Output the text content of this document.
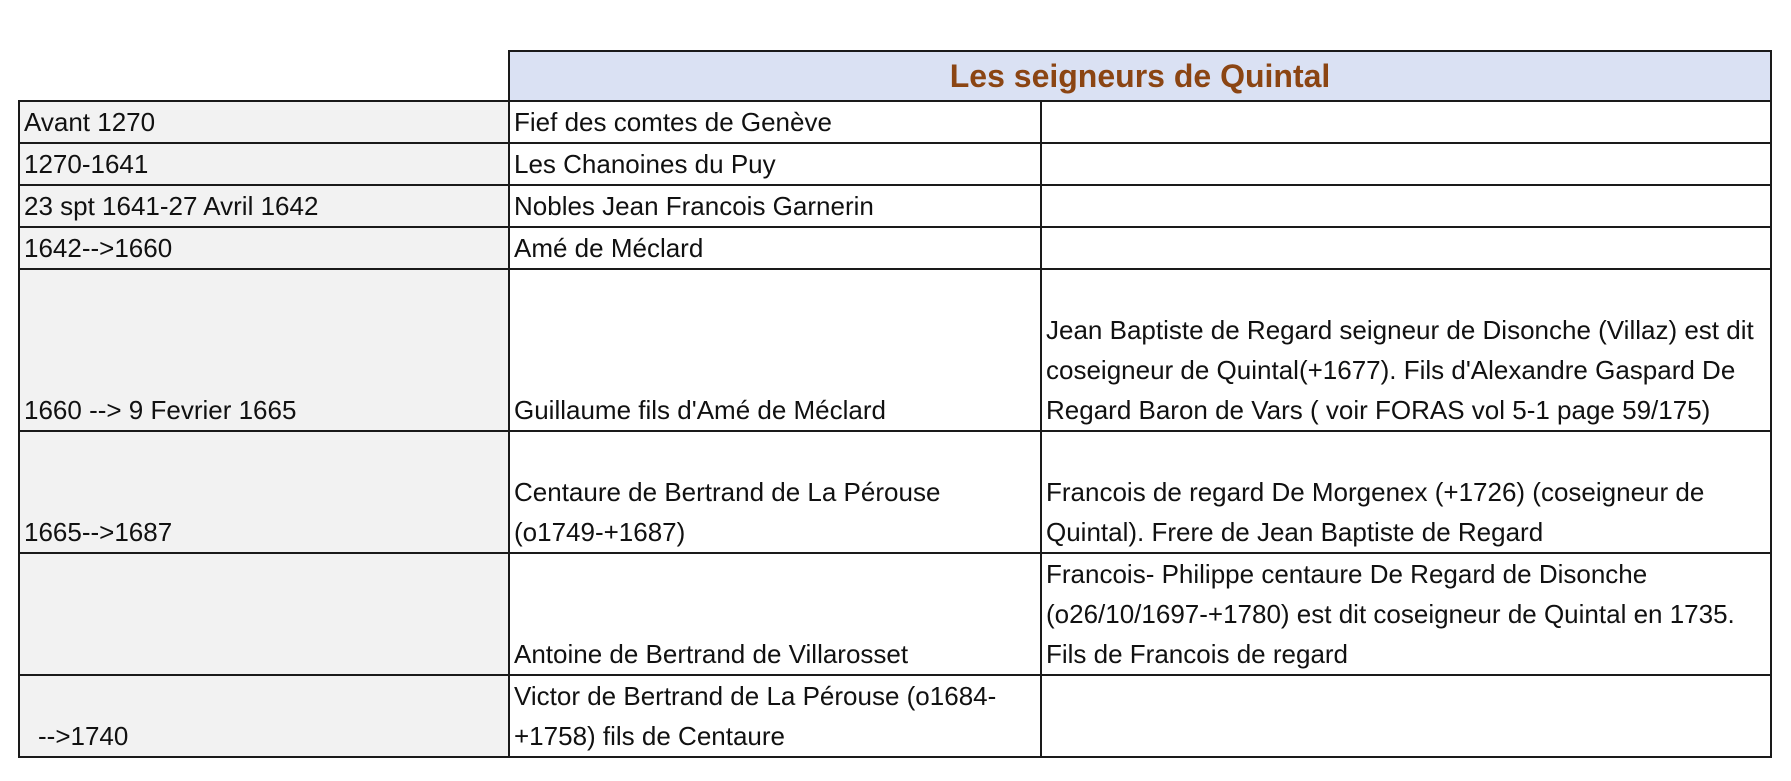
	Les seigneurs de Quintal	
Avant 1270	Fief des comtes de Genève	
1270-1641	Les Chanoines du Puy	
23 spt 1641-27 Avril 1642	Nobles Jean Francois Garnerin	
1642-->1660	Amé de Méclard	
1660 --> 9 Fevrier 1665	Guillaume fils d'Amé de Méclard	Jean Baptiste de Regard seigneur de Disonche (Villaz) est dit coseigneur de Quintal(+1677). Fils d'Alexandre Gaspard De Regard Baron de Vars ( voir FORAS vol 5-1 page 59/175)
1665-->1687	Centaure de Bertrand de La Pérouse (o1749-+1687)	Francois de regard De Morgenex (+1726) (coseigneur de Quintal). Frere de Jean Baptiste de Regard
	Antoine de Bertrand de Villarosset	Francois- Philippe centaure De Regard de Disonche (o26/10/1697-+1780) est dit coseigneur de Quintal en 1735. Fils de Francois de regard
-->1740	Victor de Bertrand de La Pérouse (o1684-+1758) fils de Centaure	
